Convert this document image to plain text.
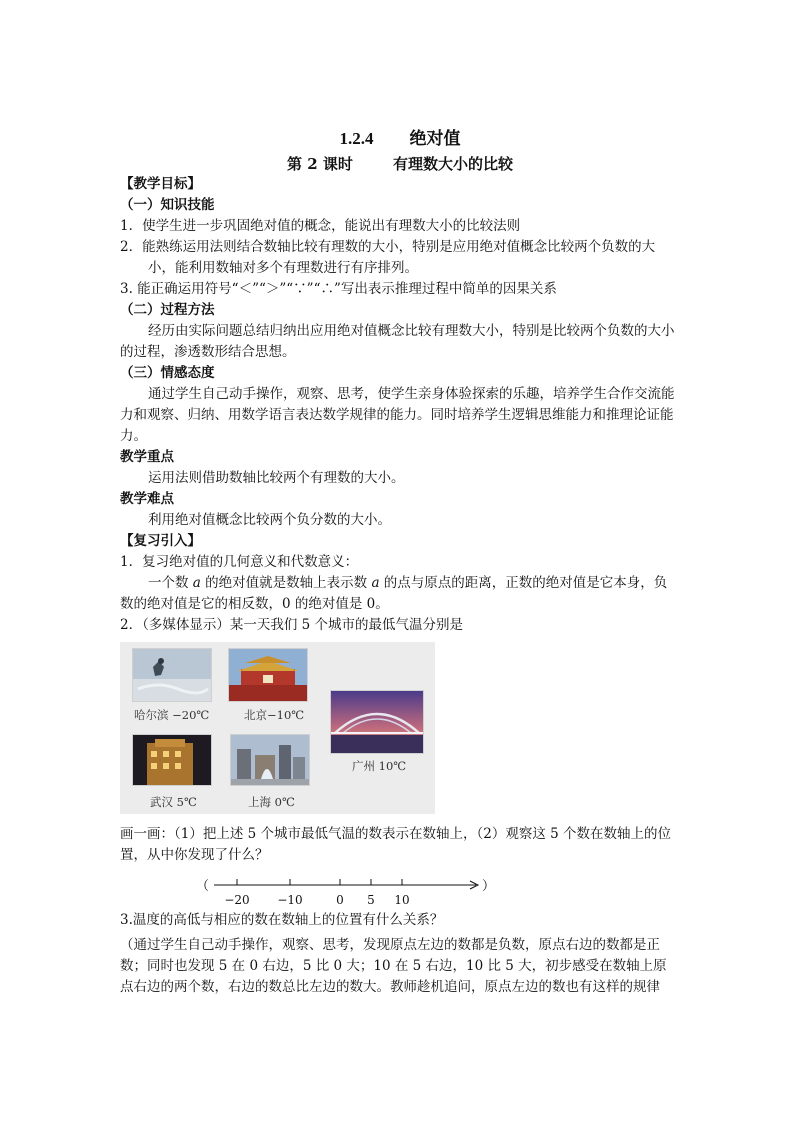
1.2.4 绝对值

第 2 课时	有理数大小的比较

【教学目标】

（一）知识技能

1．使学生进一步巩固绝对值的概念，能说出有理数大小的比较法则

2．能熟练运用法则结合数轴比较有理数的大小，特别是应用绝对值概念比较两个负数的大小，能利用数轴对多个有理数进行有序排列。

3. 能正确运用符号“＜”“＞”“∵”“∴”写出表示推理过程中简单的因果关系

（二）过程方法

经历由实际问题总结归纳出应用绝对值概念比较有理数大小，特别是比较两个负数的大小的过程，渗透数形结合思想。

（三）情感态度

通过学生自己动手操作，观察、思考，使学生亲身体验探索的乐趣，培养学生合作交流能力和观察、归纳、用数学语言表达数学规律的能力。同时培养学生逻辑思维能力和推理论证能力。

教学重点

运用法则借助数轴比较两个有理数的大小。

教学难点

利用绝对值概念比较两个负分数的大小。

【复习引入】

1．复习绝对值的几何意义和代数意义：

一个数 a 的绝对值就是数轴上表示数 a 的点与原点的距离，正数的绝对值是它本身，负数的绝对值是它的相反数，0 的绝对值是 0。

2．（多媒体显示）某一天我们 5 个城市的最低气温分别是

哈尔滨 −20℃	北京−10℃
广州 10℃
武汉 5℃	上海 0℃

画一画：（1）把上述 5 个城市最低气温的数表示在数轴上，（2）观察这 5 个数在数轴上的位置，从中你发现了什么？

（
−20 −10	0 5 10
）

3.温度的高低与相应的数在数轴上的位置有什么关系？

（通过学生自己动手操作，观察、思考，发现原点左边的数都是负数，原点右边的数都是正数；同时也发现 5 在 0 右边，5 比 0 大；10 在 5 右边，10 比 5 大，初步感受在数轴上原点右边的两个数，右边的数总比左边的数大。教师趁机追问，原点左边的数也有这样的规律
